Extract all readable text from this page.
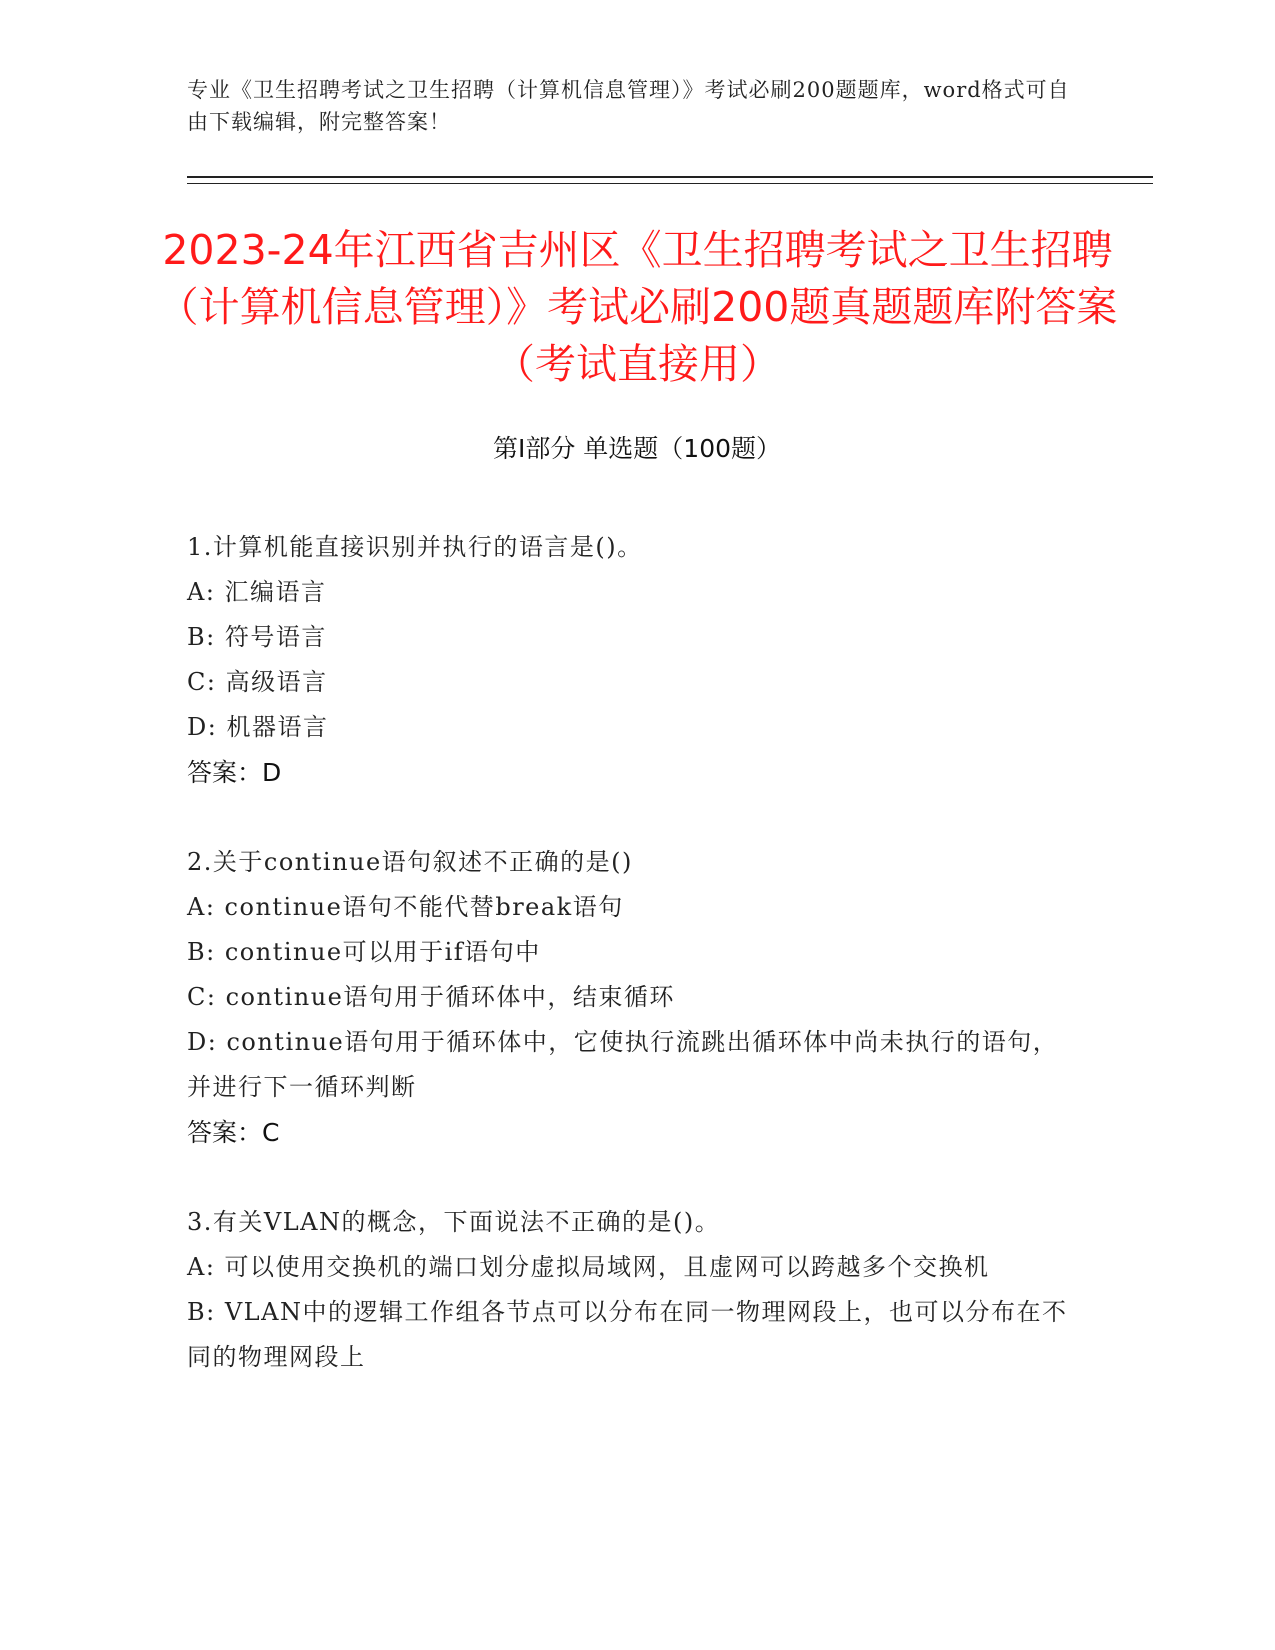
专业《卫生招聘考试之卫生招聘（计算机信息管理）》考试必刷200题题库，word格式可自由下载编辑，附完整答案！
2023-24年江西省吉州区《卫生招聘考试之卫生招聘（计算机信息管理）》考试必刷200题真题题库附答案（考试直接用）
第Ⅰ部分 单选题（100题）
1.计算机能直接识别并执行的语言是()。
A: 汇编语言
B: 符号语言
C: 高级语言
D: 机器语言
答案：D
2.关于continue语句叙述不正确的是()
A: continue语句不能代替break语句
B: continue可以用于if语句中
C: continue语句用于循环体中，结束循环
D: continue语句用于循环体中，它使执行流跳出循环体中尚未执行的语句，并进行下一循环判断
答案：C
3.有关VLAN的概念，下面说法不正确的是()。
A: 可以使用交换机的端口划分虚拟局域网，且虚网可以跨越多个交换机
B: VLAN中的逻辑工作组各节点可以分布在同一物理网段上，也可以分布在不同的物理网段上
